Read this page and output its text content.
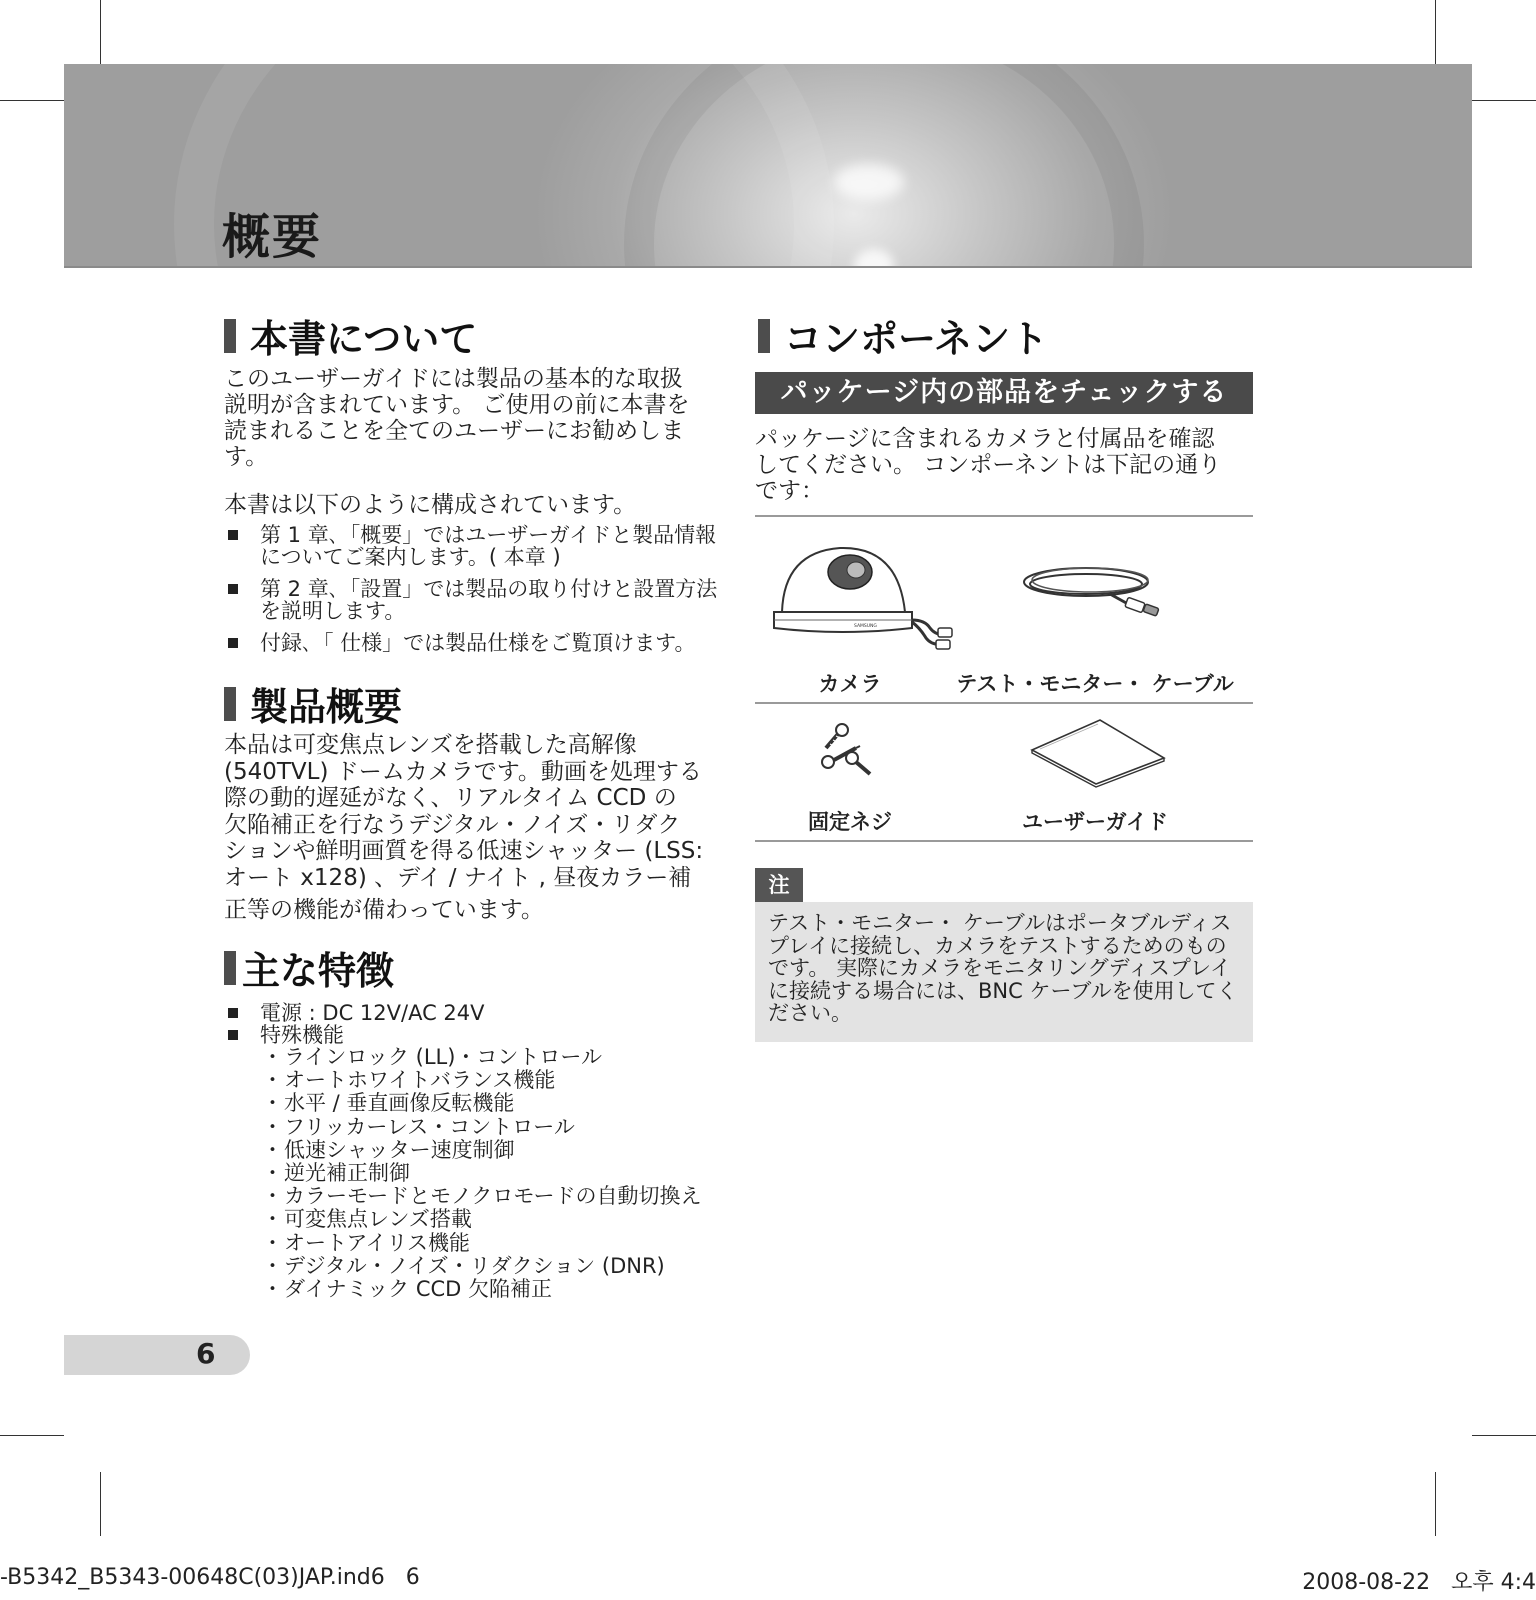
概要
本書について

このユーザーガイドには製品の基本的な取扱
説明が含まれています。 ご使用の前に本書を
読まれることを全てのユーザーにお勧めしま
す。

本書は以下のように構成されています。

第 1 章､「概要」ではユーザーガイドと製品情報
についてご案内します。( 本章 )
第 2 章､「設置」では製品の取り付けと設置方法
を説明します。
付録､「 仕様」では製品仕様をご覧頂けます。
製品概要

本品は可変焦点レンズを搭載した高解像
(540TVL) ドームカメラです。動画を処理する
際の動的遅延がなく、リアルタイム CCD の
欠陥補正を行なうデジタル・ノイズ・リダク
ションや鮮明画質を得る低速シャッター (LSS:
オート x128) 、デイ / ナイト , 昼夜カラー補
正等の機能が備わっています。

主な特徴
電源 : DC 12V/AC 24V
特殊機能
・ ラインロック (LL)・コントロール
・ オートホワイトバランス機能
・ 水平 / 垂直画像反転機能
・ フリッカーレス・コントロール
・ 低速シャッター速度制御
・ 逆光補正制御
・ カラーモードとモノクロモードの自動切換え
・ 可変焦点レンズ搭載
・ オートアイリス機能
・ デジタル・ノイズ・リダクション (DNR)
・ ダイナミック CCD 欠陥補正
コンポーネント
パッケージ内の部品をチェックする

パッケージに含まれるカメラと付属品を確認
してください。 コンポーネントは下記の通り
です：

SAMSUNG
カメラ	テスト・モニター・ ケーブル
固定ネジ	ユーザーガイド
注

テスト・モニター・ ケーブルはポータブルディス
プレイに接続し、カメラをテストするためのもの
です。 実際にカメラをモニタリングディスプレイ
に接続する場合には、BNC ケーブルを使用してく
ださい。

6
-B5342_B5343-00648C(03)JAP.ind6   6	2008-08-22   오후 4:4
